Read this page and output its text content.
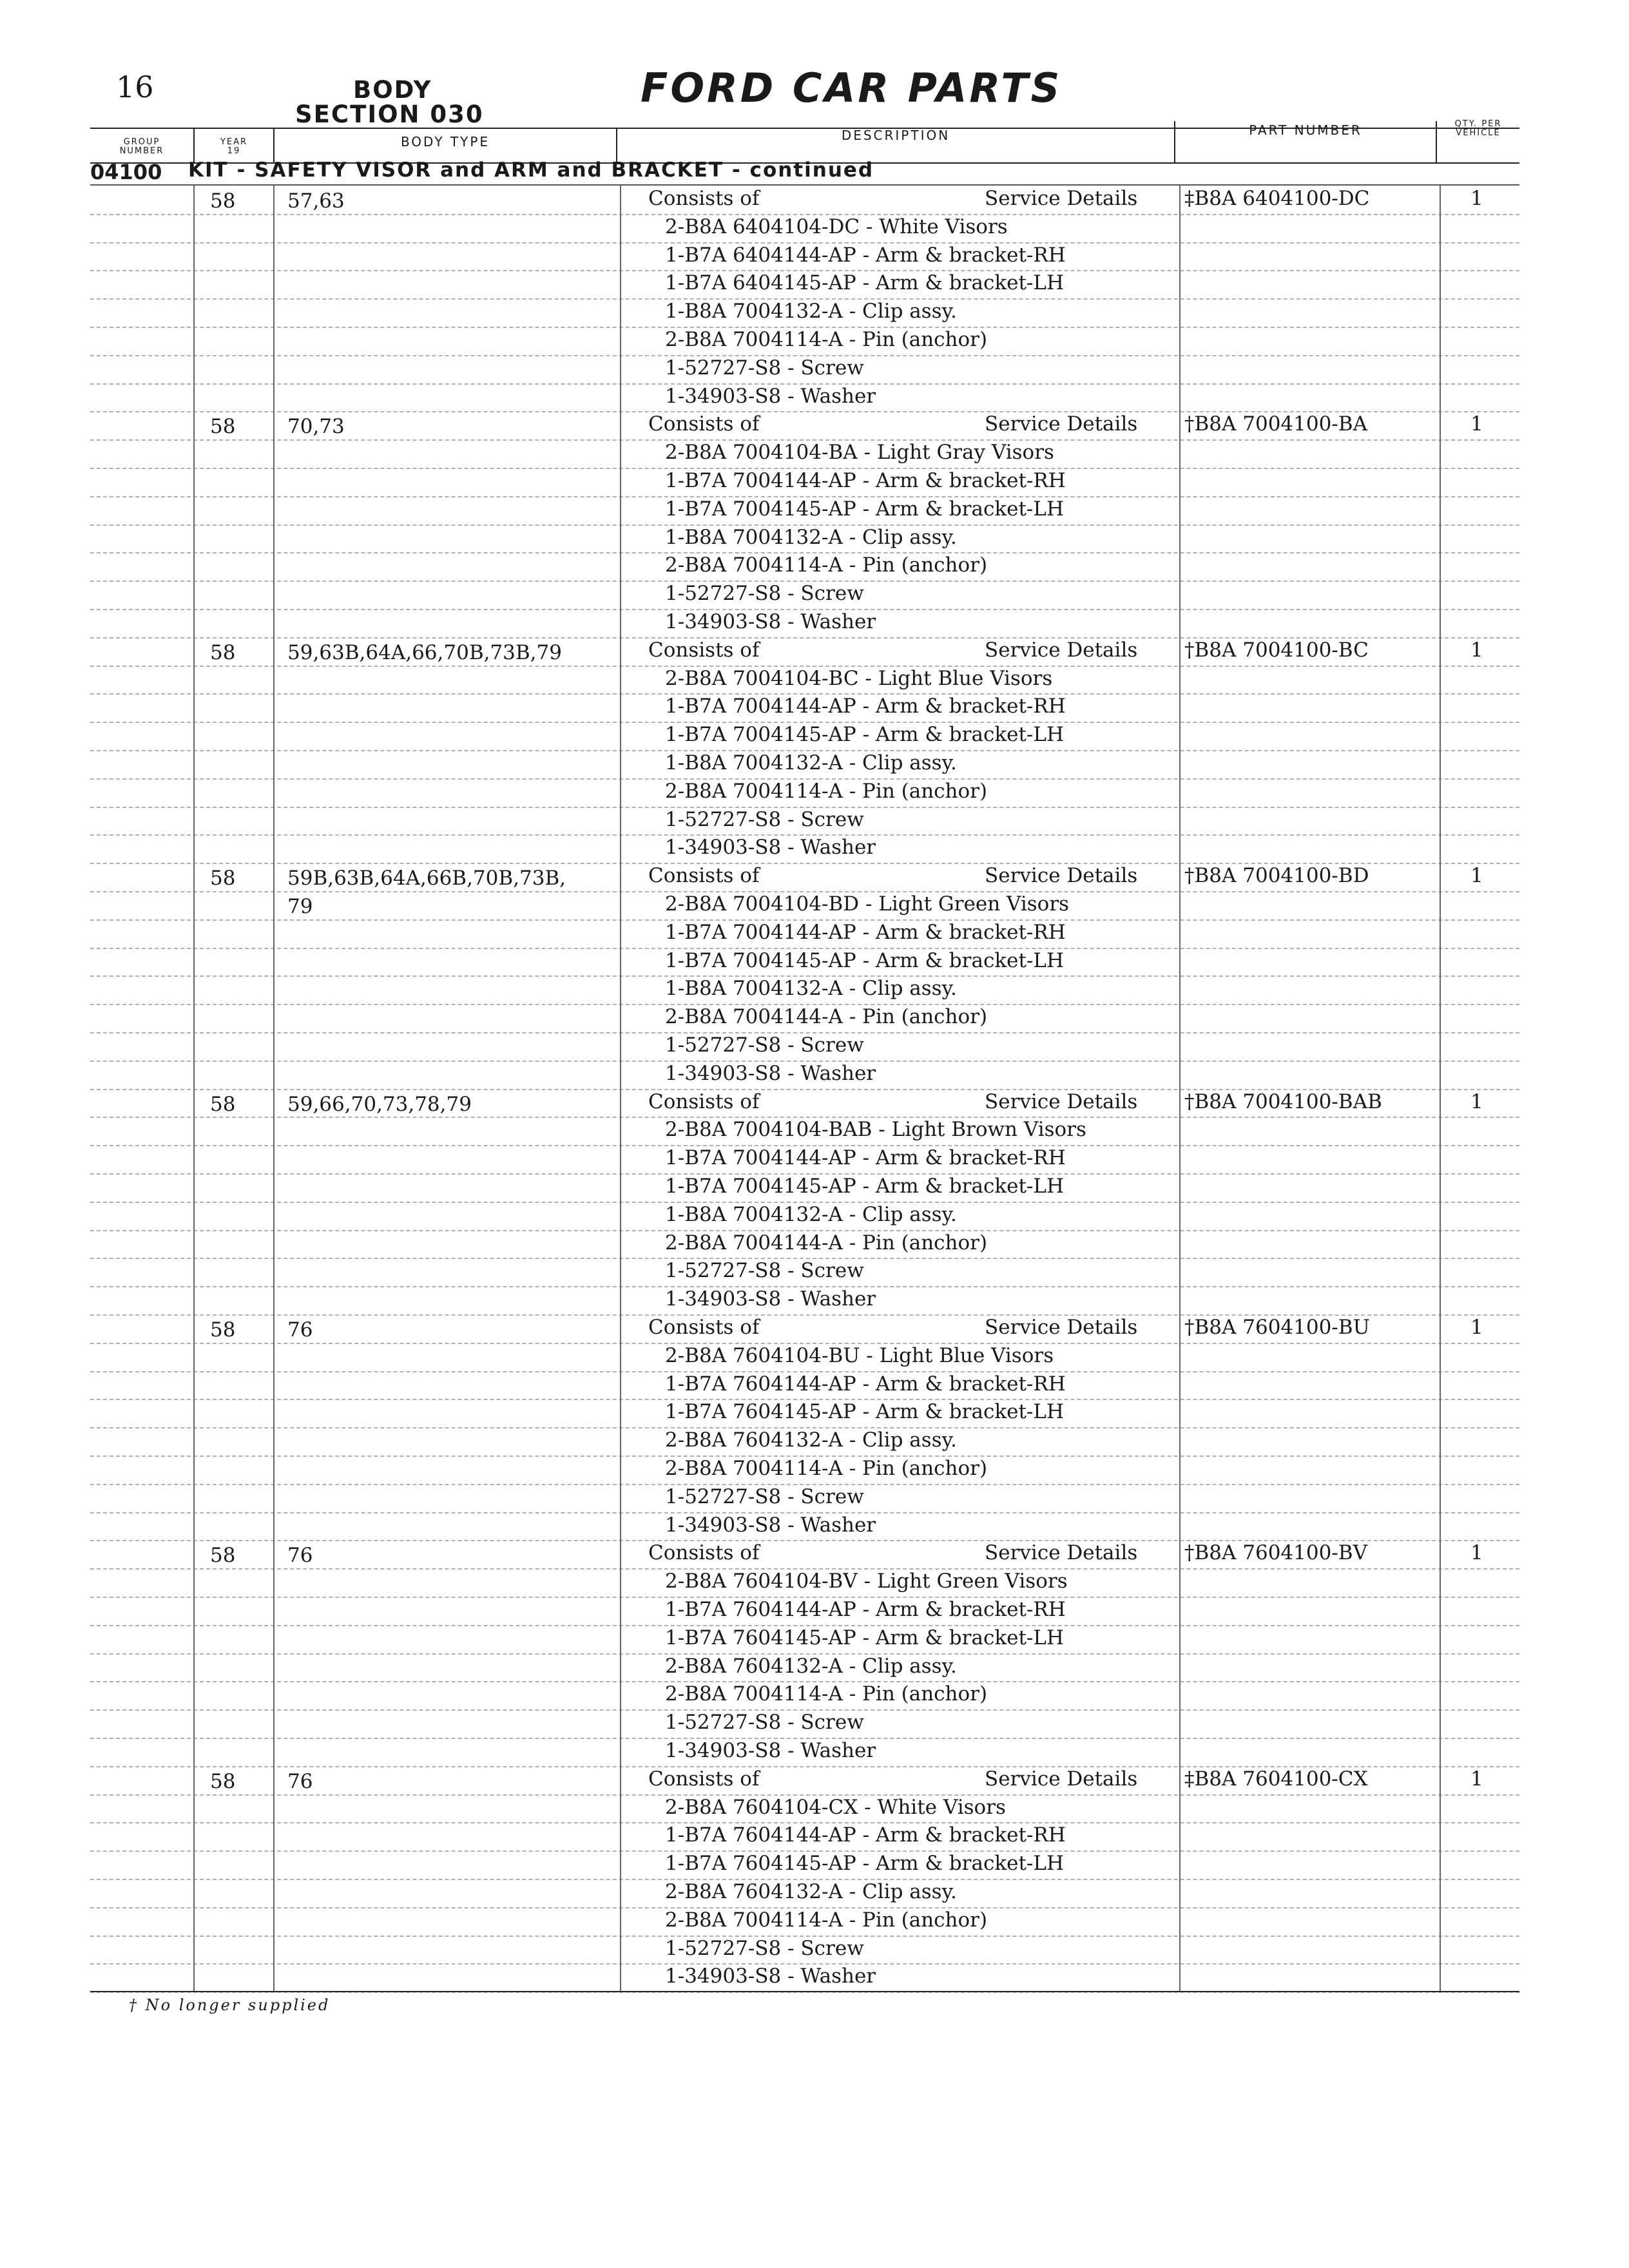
16	BODY
SECTION 030
FORD CAR PARTS
GROUP
NUMBER
YEAR
19
BODY TYPE	DESCRIPTION	PART NUMBER	QTY. PER
VEHICLE
04100 KIT - SAFETY VISOR and ARM and BRACKET - continued
58	57,63	Consists of	Service Details ‡B8A 6404100-DC	1
2-B8A 6404104-DC - White Visors
1-B7A 6404144-AP - Arm & bracket-RH
1-B7A 6404145-AP - Arm & bracket-LH
1-B8A 7004132-A - Clip assy.
2-B8A 7004114-A - Pin (anchor)
1-52727-S8 - Screw
1-34903-S8 - Washer
58	70,73	Consists of	Service Details †B8A 7004100-BA	1
2-B8A 7004104-BA - Light Gray Visors
1-B7A 7004144-AP - Arm & bracket-RH
1-B7A 7004145-AP - Arm & bracket-LH
1-B8A 7004132-A - Clip assy.
2-B8A 7004114-A - Pin (anchor)
1-52727-S8 - Screw
1-34903-S8 - Washer
58	59,63B,64A,66,70B,73B,79	Consists of	Service Details †B8A 7004100-BC	1
2-B8A 7004104-BC - Light Blue Visors
1-B7A 7004144-AP - Arm & bracket-RH
1-B7A 7004145-AP - Arm & bracket-LH
1-B8A 7004132-A - Clip assy.
2-B8A 7004114-A - Pin (anchor)
1-52727-S8 - Screw
1-34903-S8 - Washer
58	59B,63B,64A,66B,70B,73B,
79
Consists of	Service Details †B8A 7004100-BD	1
2-B8A 7004104-BD - Light Green Visors
1-B7A 7004144-AP - Arm & bracket-RH
1-B7A 7004145-AP - Arm & bracket-LH
1-B8A 7004132-A - Clip assy.
2-B8A 7004144-A - Pin (anchor)
1-52727-S8 - Screw
1-34903-S8 - Washer
58	59,66,70,73,78,79	Consists of	Service Details †B8A 7004100-BAB	1
2-B8A 7004104-BAB - Light Brown Visors
1-B7A 7004144-AP - Arm & bracket-RH
1-B7A 7004145-AP - Arm & bracket-LH
1-B8A 7004132-A - Clip assy.
2-B8A 7004144-A - Pin (anchor)
1-52727-S8 - Screw
1-34903-S8 - Washer
58	76	Consists of	Service Details †B8A 7604100-BU	1
2-B8A 7604104-BU - Light Blue Visors
1-B7A 7604144-AP - Arm & bracket-RH
1-B7A 7604145-AP - Arm & bracket-LH
2-B8A 7604132-A - Clip assy.
2-B8A 7004114-A - Pin (anchor)
1-52727-S8 - Screw
1-34903-S8 - Washer
58	76	Consists of	Service Details †B8A 7604100-BV	1
2-B8A 7604104-BV - Light Green Visors
1-B7A 7604144-AP - Arm & bracket-RH
1-B7A 7604145-AP - Arm & bracket-LH
2-B8A 7604132-A - Clip assy.
2-B8A 7004114-A - Pin (anchor)
1-52727-S8 - Screw
1-34903-S8 - Washer
58	76	Consists of	Service Details ‡B8A 7604100-CX	1
2-B8A 7604104-CX - White Visors
1-B7A 7604144-AP - Arm & bracket-RH
1-B7A 7604145-AP - Arm & bracket-LH
2-B8A 7604132-A - Clip assy.
2-B8A 7004114-A - Pin (anchor)
1-52727-S8 - Screw
1-34903-S8 - Washer
† No longer supplied
